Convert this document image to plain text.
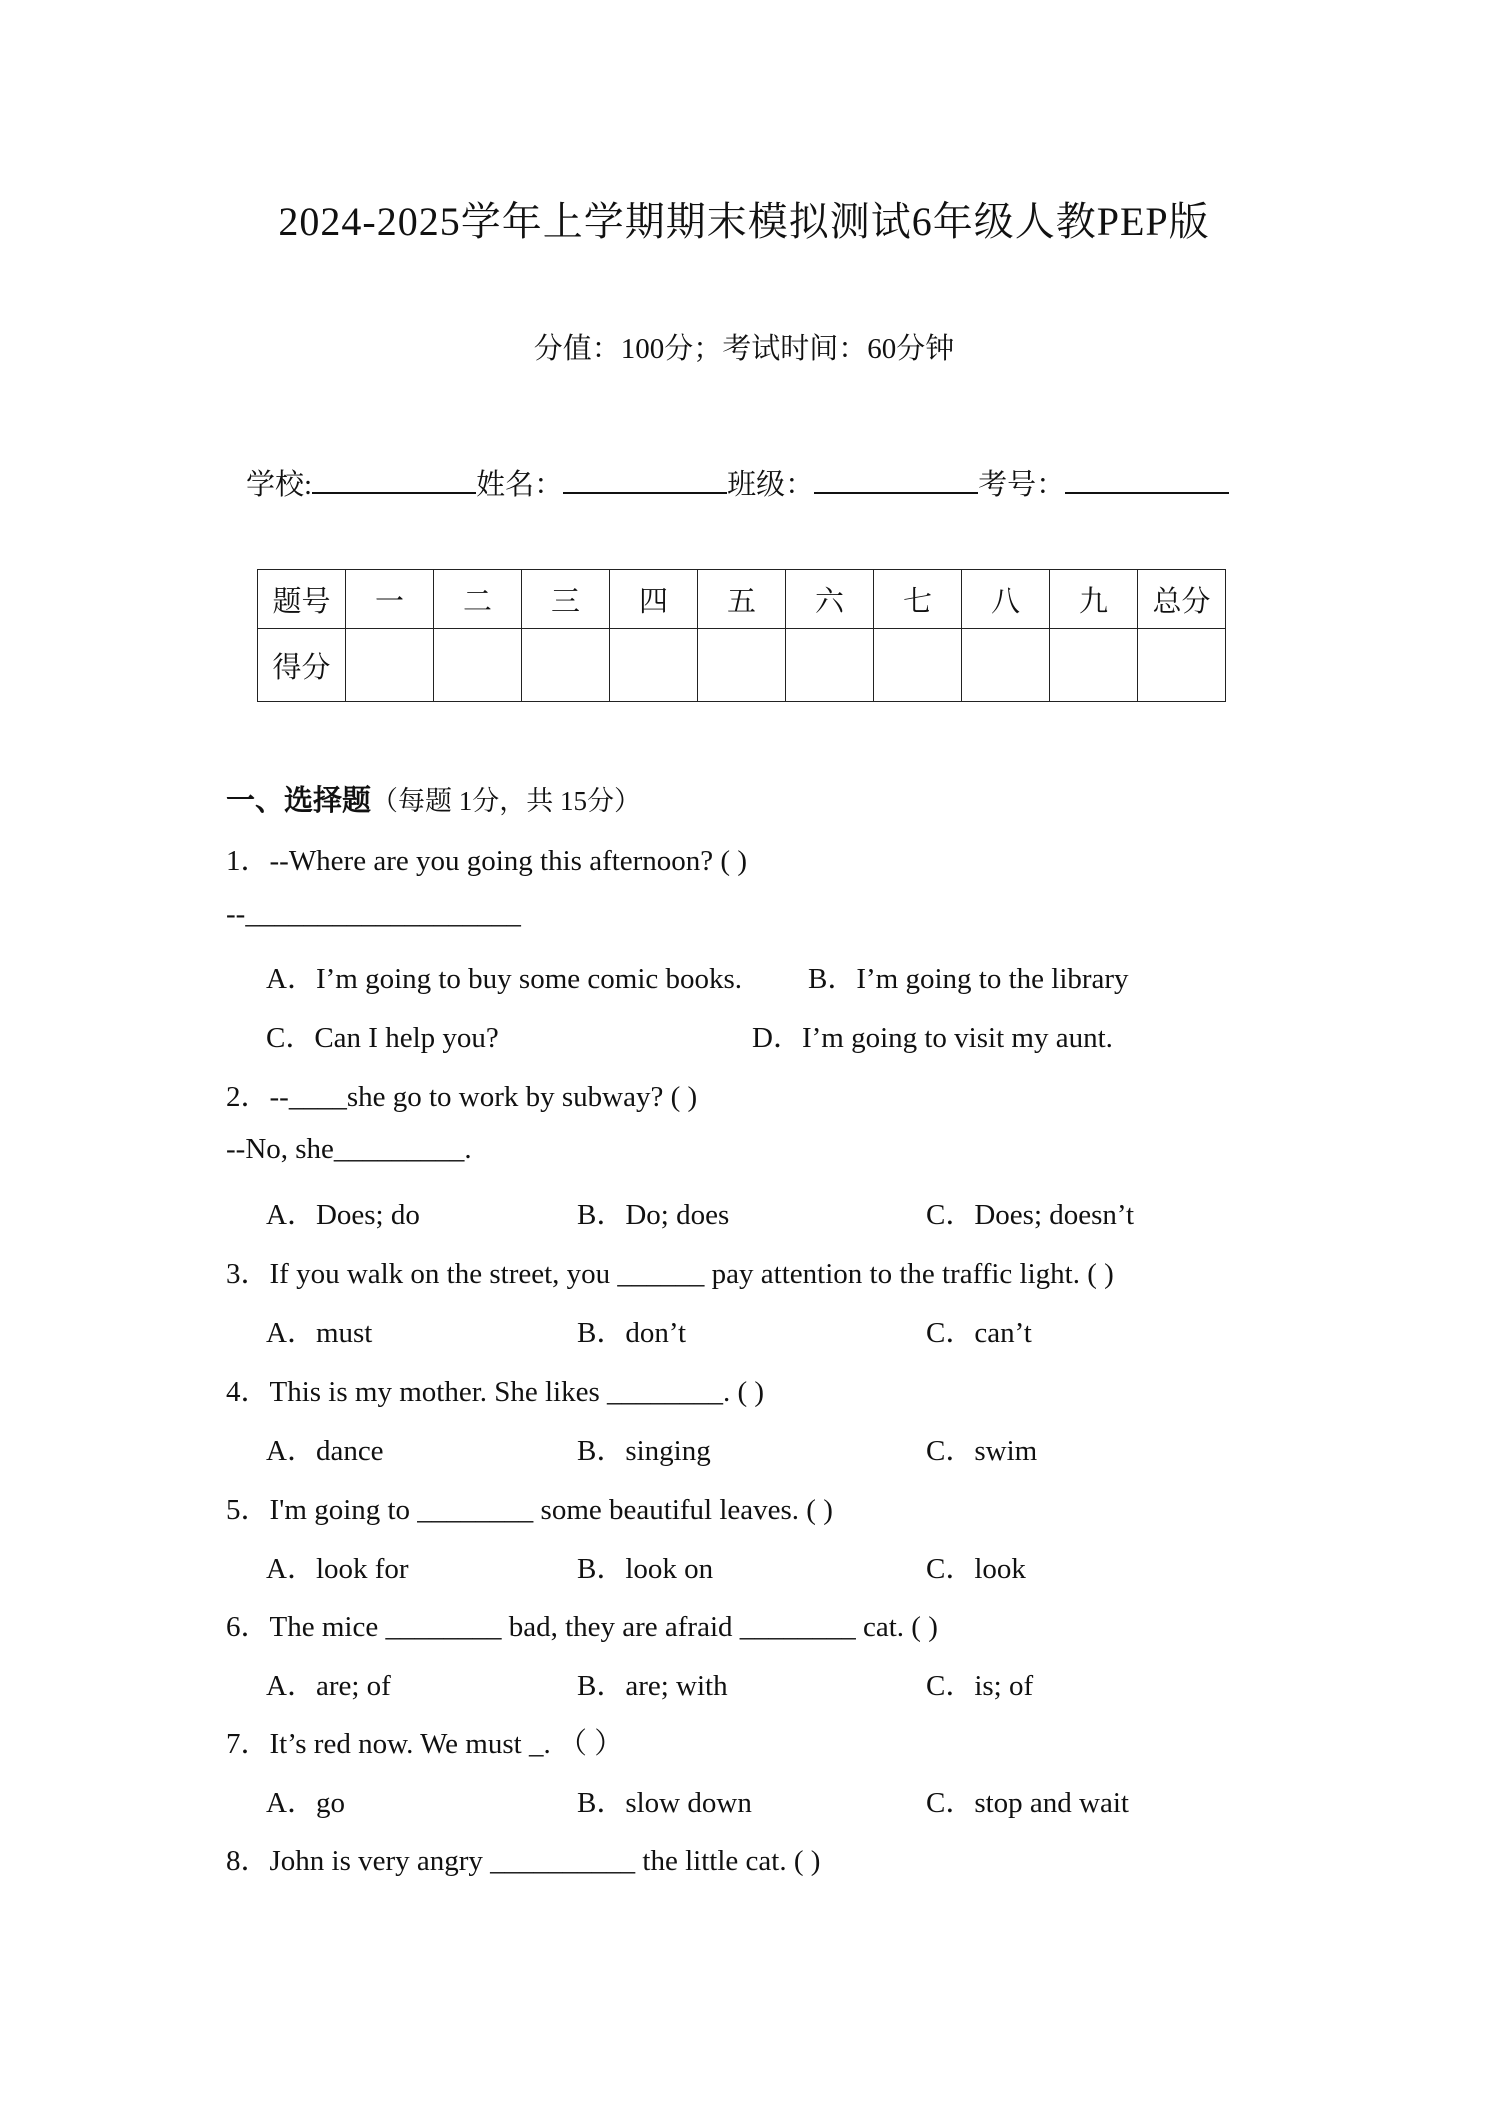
2024-2025学年上学期期末模拟测试6年级人教PEP版
分值：100分；考试时间：60分钟
学校:	姓名：	班级：	考号：
题号	一	二	三	四	五	六	七	八	九	总分
得分										
一、选择题（每题 1分，共 15分）
1．--Where are you going this afternoon? ( )
--___________________
A．I’m going to buy some comic books. B．I’m going to the library
C．Can I help you?	D．I’m going to visit my aunt.
2．--____she go to work by subway? ( )
--No, she_________.
A．Does; do	B．Do; does	C．Does; doesn’t
3．If you walk on the street, you ______ pay attention to the traffic light. ( )
A．must	B．don’t	C．can’t
4．This is my mother. She likes ________. ( )
A．dance	B．singing	C．swim
5．I'm going to ________ some beautiful leaves. ( )
A．look for	B．look on	C．look
6．The mice ________ bad, they are afraid ________ cat. ( )
A．are; of	B．are; with	C．is; of
7．It’s red now. We must _. （ ）
A．go	B．slow down	C．stop and wait
8．John is very angry __________ the little cat. ( )
